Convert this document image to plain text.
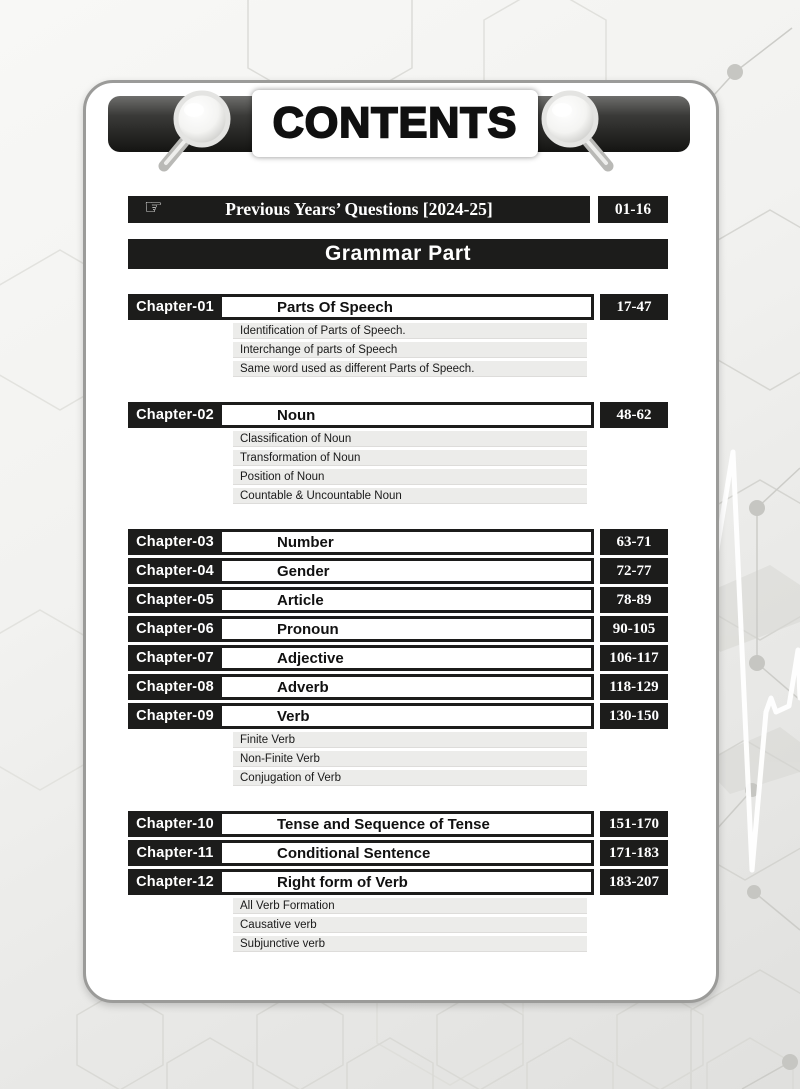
CONTENTS
☞	Previous Years’ Questions [2024-25]	01-16
Grammar Part
Chapter-01	Parts Of Speech	17-47
Identification of Parts of Speech.
Interchange of parts of Speech
Same word used as different Parts of Speech.
Chapter-02	Noun	48-62
Classification of Noun
Transformation of Noun
Position of Noun
Countable & Uncountable Noun
Chapter-03	Number	63-71
Chapter-04	Gender	72-77
Chapter-05	Article	78-89
Chapter-06	Pronoun	90-105
Chapter-07	Adjective	106-117
Chapter-08	Adverb	118-129
Chapter-09	Verb	130-150
Finite Verb
Non-Finite Verb
Conjugation of Verb
Chapter-10	Tense and Sequence of Tense	151-170
Chapter-11	Conditional Sentence	171-183
Chapter-12	Right form of Verb	183-207
All Verb Formation
Causative verb
Subjunctive verb
